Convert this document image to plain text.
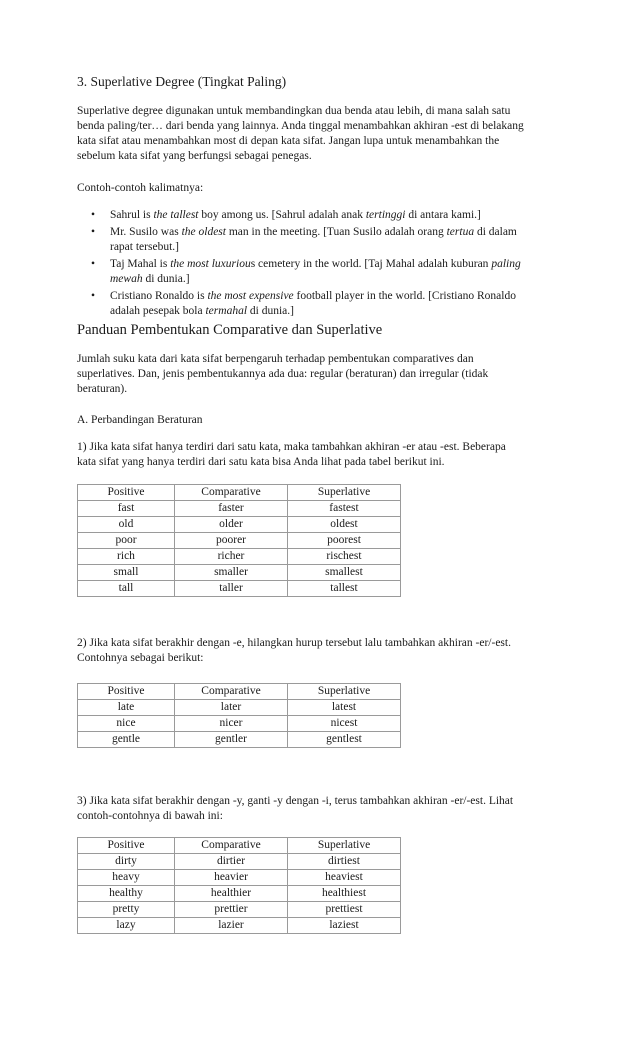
3. Superlative Degree (Tingkat Paling)
Superlative degree digunakan untuk membandingkan dua benda atau lebih, di mana salah satu
benda paling/ter… dari benda yang lainnya. Anda tinggal menambahkan akhiran -est di belakang
kata sifat atau menambahkan most di depan kata sifat. Jangan lupa untuk menambahkan the
sebelum kata sifat yang berfungsi sebagai penegas.
Contoh-contoh kalimatnya:
• Sahrul is the tallest boy among us. [Sahrul adalah anak tertinggi di antara kami.]
• Mr. Susilo was the oldest man in the meeting. [Tuan Susilo adalah orang tertua di dalam
rapat tersebut.]
• Taj Mahal is the most luxurious cemetery in the world. [Taj Mahal adalah kuburan paling
mewah di dunia.]
• Cristiano Ronaldo is the most expensive football player in the world. [Cristiano Ronaldo
adalah pesepak bola termahal di dunia.]
Panduan Pembentukan Comparative dan Superlative
Jumlah suku kata dari kata sifat berpengaruh terhadap pembentukan comparatives dan
superlatives. Dan, jenis pembentukannya ada dua: regular (beraturan) dan irregular (tidak
beraturan).
A. Perbandingan Beraturan
1) Jika kata sifat hanya terdiri dari satu kata, maka tambahkan akhiran -er atau -est. Beberapa
kata sifat yang hanya terdiri dari satu kata bisa Anda lihat pada tabel berikut ini.
Positive	Comparative	Superlative
fast	faster	fastest
old	older	oldest
poor	poorer	poorest
rich	richer	rischest
small	smaller	smallest
tall	taller	tallest
2) Jika kata sifat berakhir dengan -e, hilangkan hurup tersebut lalu tambahkan akhiran -er/-est.
Contohnya sebagai berikut:
Positive	Comparative	Superlative
late	later	latest
nice	nicer	nicest
gentle	gentler	gentlest
3) Jika kata sifat berakhir dengan -y, ganti -y dengan -i, terus tambahkan akhiran -er/-est. Lihat
contoh-contohnya di bawah ini:
Positive	Comparative	Superlative
dirty	dirtier	dirtiest
heavy	heavier	heaviest
healthy	healthier	healthiest
pretty	prettier	prettiest
lazy	lazier	laziest
